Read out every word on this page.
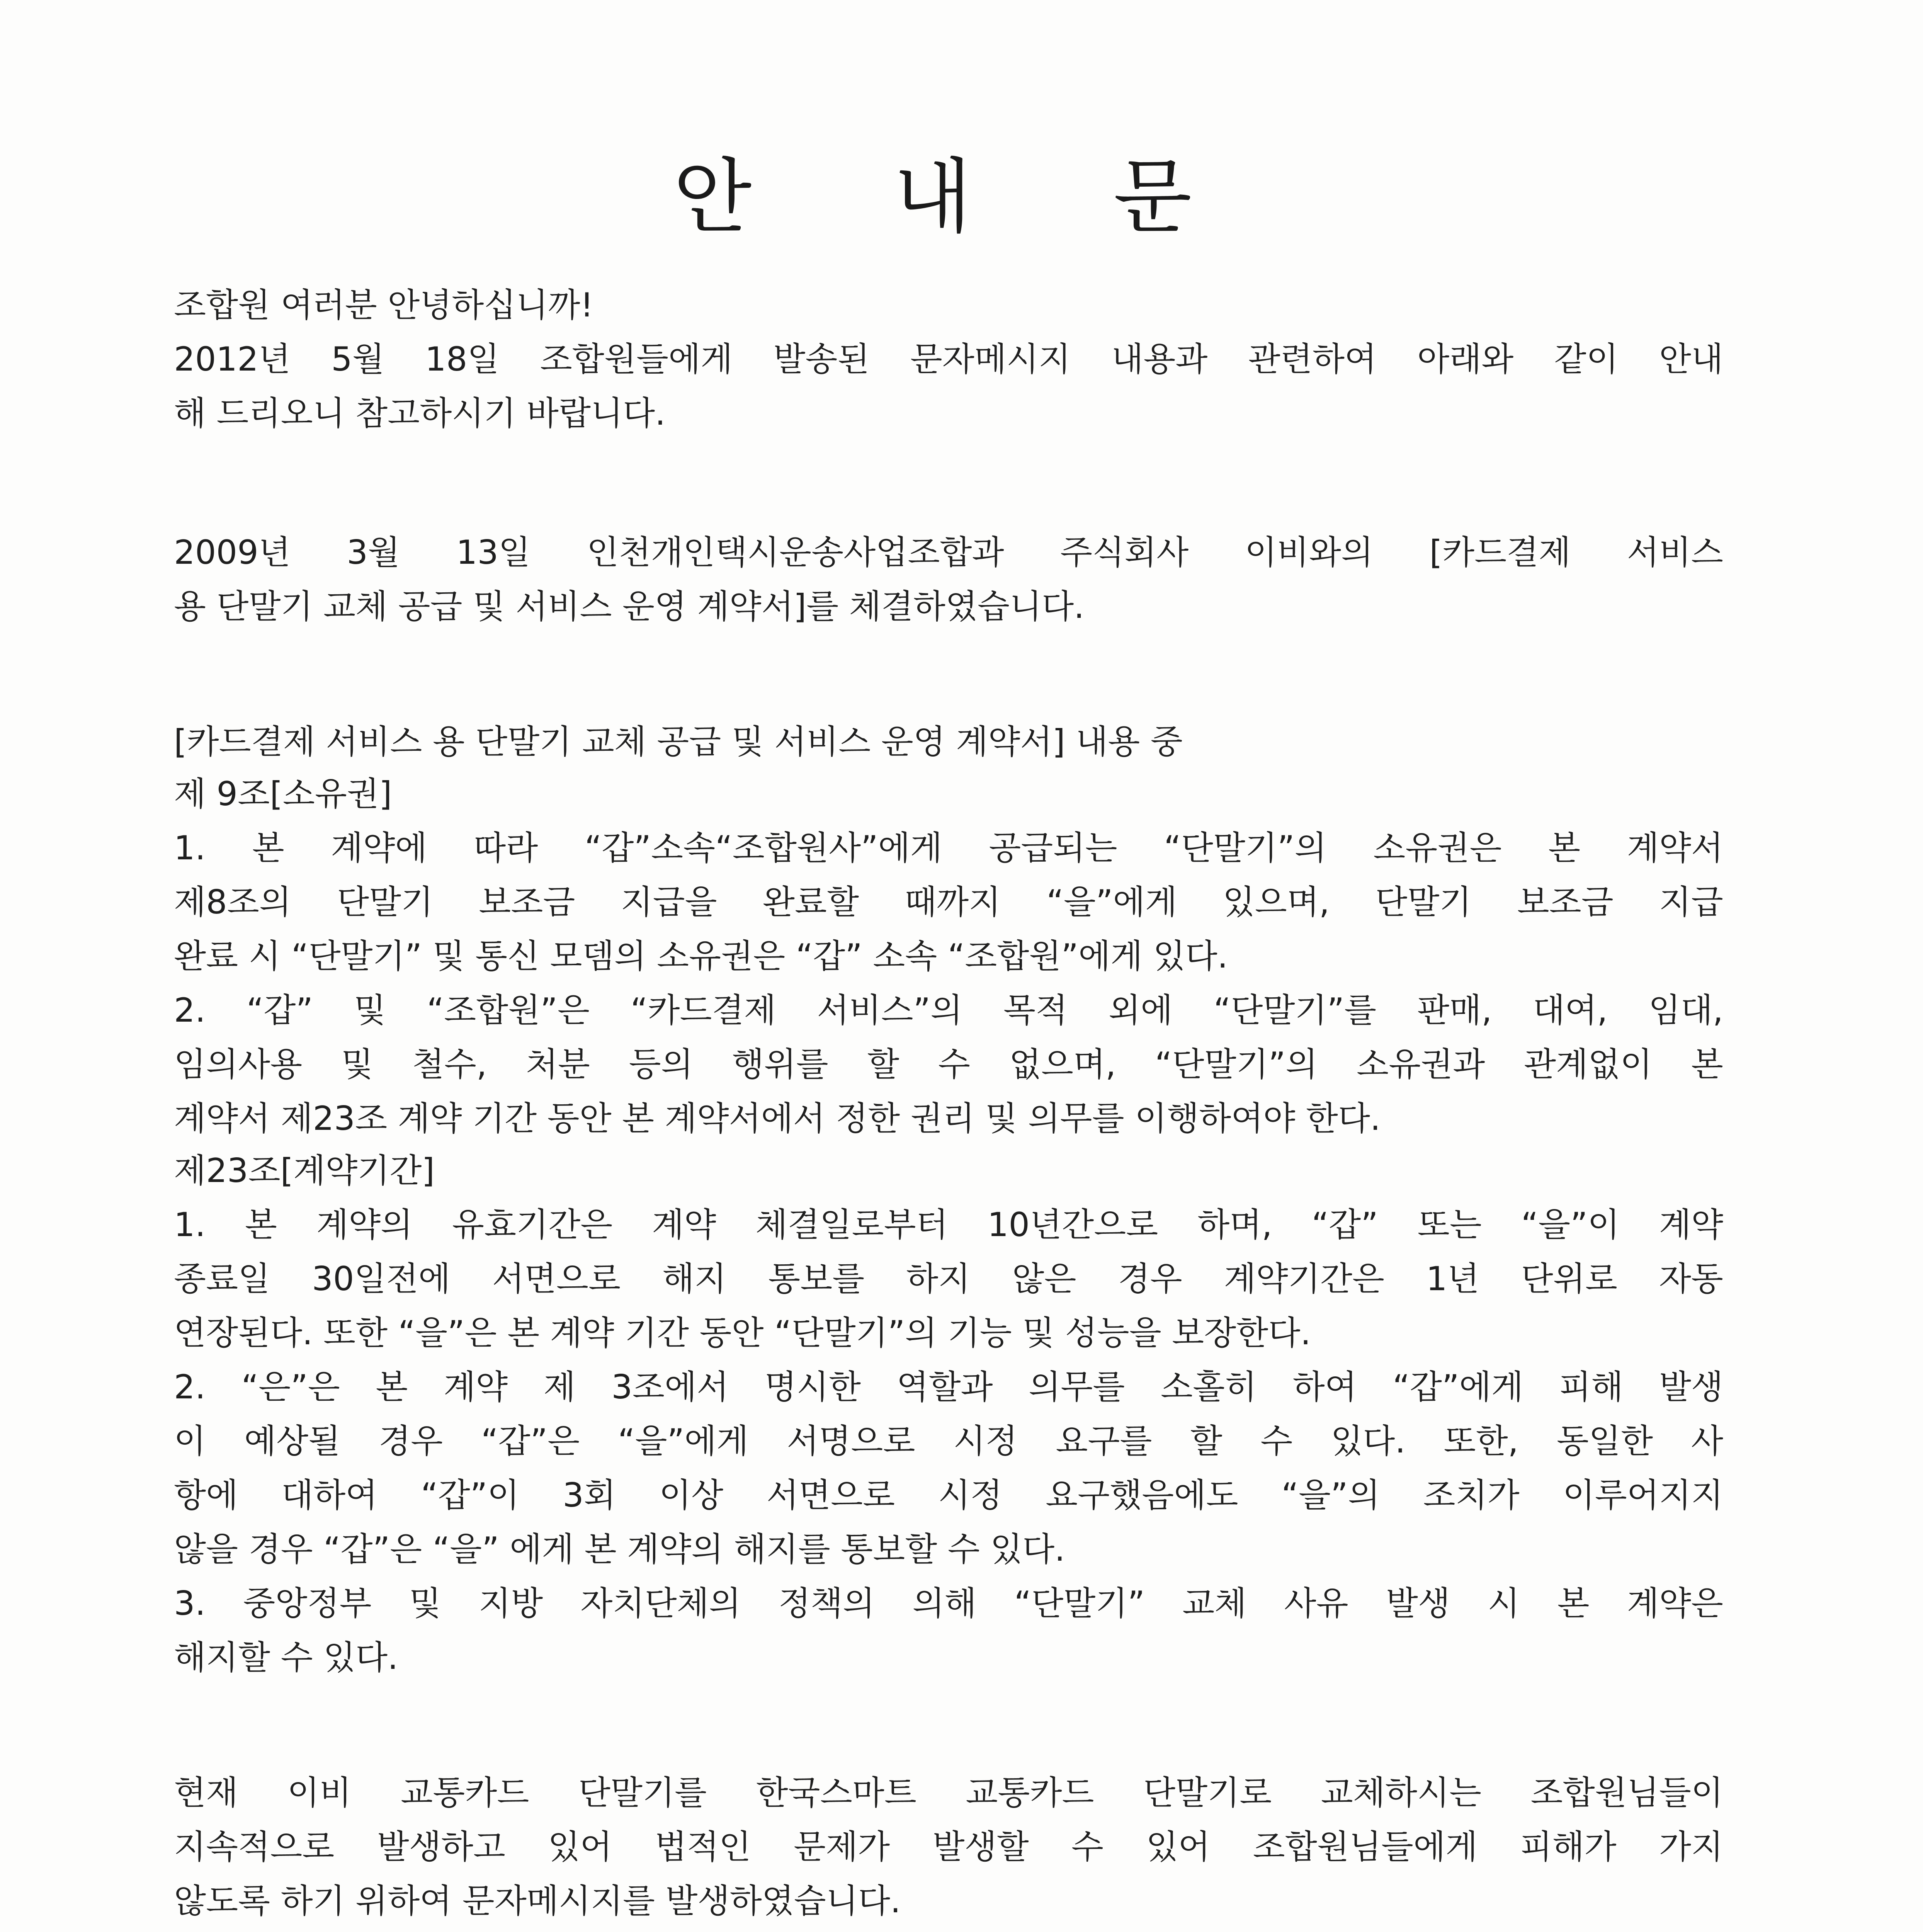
안 내 문
조합원 여러분 안녕하십니까!
2012년 5월 18일 조합원들에게 발송된 문자메시지 내용과 관련하여 아래와 같이 안내
해 드리오니 참고하시기 바랍니다.
2009년 3월 13일 인천개인택시운송사업조합과 주식회사 이비와의 [카드결제 서비스
용 단말기 교체 공급 및 서비스 운영 계약서]를 체결하였습니다.
[카드결제 서비스 용 단말기 교체 공급 및 서비스 운영 계약서] 내용 중
제 9조[소유권]
1. 본 계약에 따라 “갑”소속“조합원사”에게 공급되는 “단말기”의 소유권은 본 계약서
제8조의 단말기 보조금 지급을 완료할 때까지 “을”에게 있으며, 단말기 보조금 지급
완료 시 “단말기” 및 통신 모뎀의 소유권은 “갑” 소속 “조합원”에게 있다.
2. “갑” 및 “조합원”은 “카드결제 서비스”의 목적 외에 “단말기”를 판매, 대여, 임대,
임의사용 및 철수, 처분 등의 행위를 할 수 없으며, “단말기”의 소유권과 관계없이 본
계약서 제23조 계약 기간 동안 본 계약서에서 정한 권리 및 의무를 이행하여야 한다.
제23조[계약기간]
1. 본 계약의 유효기간은 계약 체결일로부터 10년간으로 하며, “갑” 또는 “을”이 계약
종료일 30일전에 서면으로 해지 통보를 하지 않은 경우 계약기간은 1년 단위로 자동
연장된다. 또한 “을”은 본 계약 기간 동안 “단말기”의 기능 및 성능을 보장한다.
2. “은”은 본 계약 제 3조에서 명시한 역할과 의무를 소홀히 하여 “갑”에게 피해 발생
이 예상될 경우 “갑”은 “을”에게 서명으로 시정 요구를 할 수 있다. 또한, 동일한 사
항에 대하여 “갑”이 3회 이상 서면으로 시정 요구했음에도 “을”의 조치가 이루어지지
않을 경우 “갑”은 “을” 에게 본 계약의 해지를 통보할 수 있다.
3. 중앙정부 및 지방 자치단체의 정책의 의해 “단말기” 교체 사유 발생 시 본 계약은
해지할 수 있다.
현재 이비 교통카드 단말기를 한국스마트 교통카드 단말기로 교체하시는 조합원님들이
지속적으로 발생하고 있어 법적인 문제가 발생할 수 있어 조합원님들에게 피해가 가지
않도록 하기 위하여 문자메시지를 발생하였습니다.
